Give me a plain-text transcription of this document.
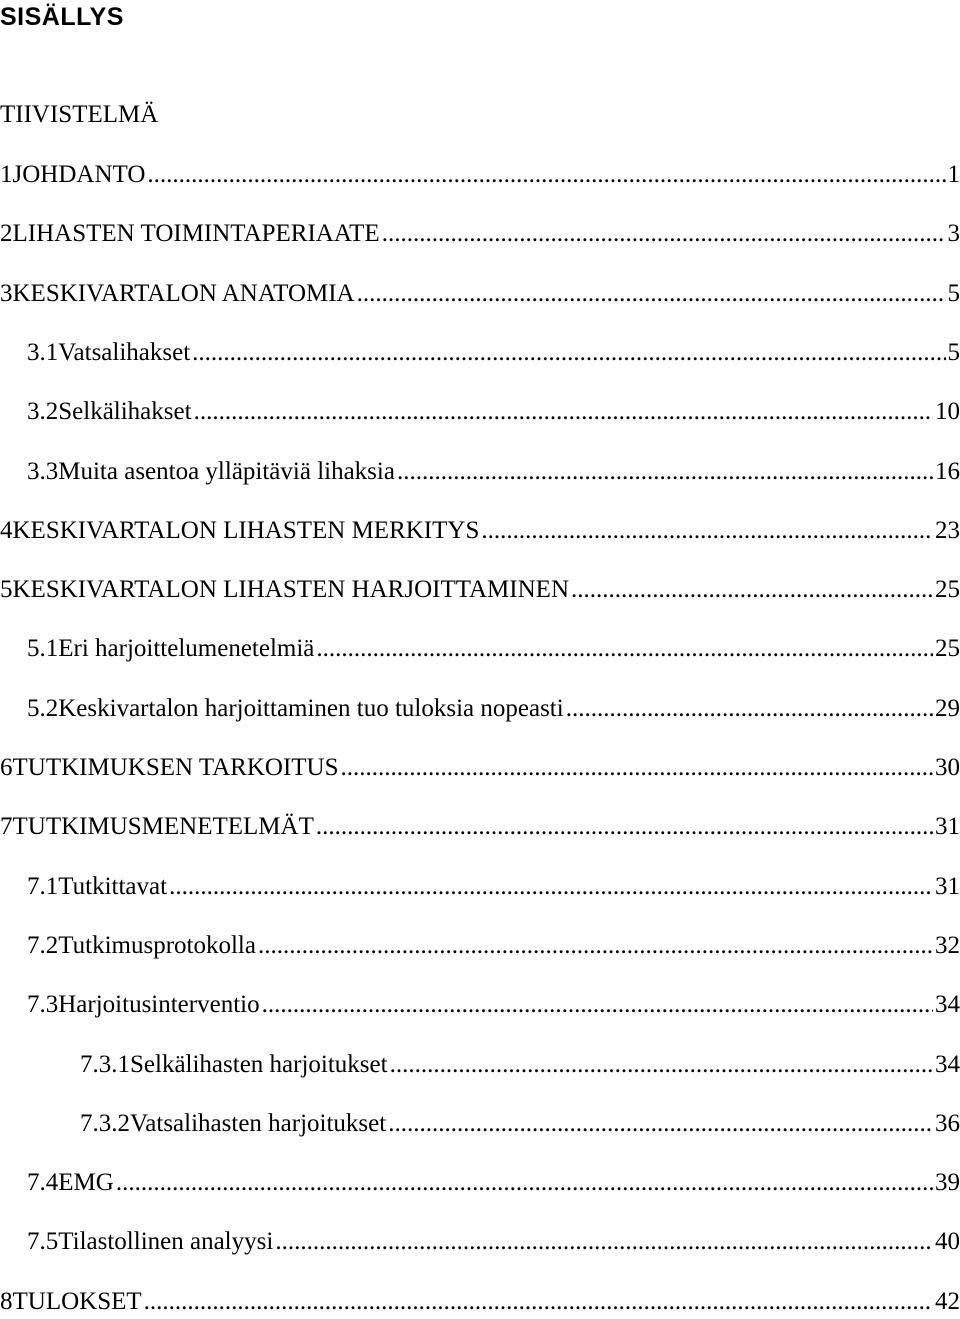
SISÄLLYS
TIIVISTELMÄ
1 JOHDANTO .....	1
2 LIHASTEN TOIMINTAPERIAATE .....	3
3 KESKIVARTALON ANATOMIA .....	5
3.1 Vatsalihakset .....	5
3.2 Selkälihakset .....	10
3.3 Muita asentoa ylläpitäviä lihaksia .....	16
4 KESKIVARTALON LIHASTEN MERKITYS .....	23
5 KESKIVARTALON LIHASTEN HARJOITTAMINEN .....	25
5.1 Eri harjoittelumenetelmiä .....	25
5.2 Keskivartalon harjoittaminen tuo tuloksia nopeasti .....	29
6 TUTKIMUKSEN TARKOITUS .....	30
7 TUTKIMUSMENETELMÄT .....	31
7.1 Tutkittavat .....	31
7.2 Tutkimusprotokolla .....	32
7.3 Harjoitusinterventio .....	34
7.3.1 Selkälihasten harjoitukset .....	34
7.3.2 Vatsalihasten harjoitukset .....	36
7.4 EMG .....	39
7.5 Tilastollinen analyysi .....	40
8 TULOKSET .....	42
